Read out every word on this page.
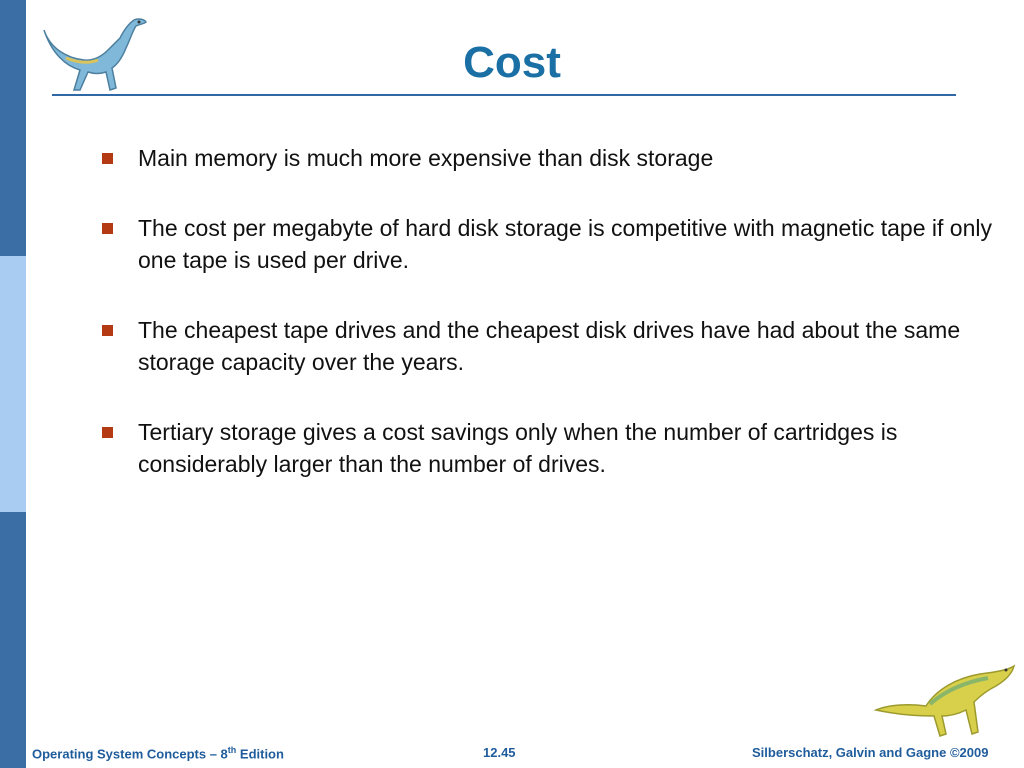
Cost
Main memory is much more expensive than disk storage
The cost per megabyte of hard disk storage is competitive with magnetic tape if only one tape is used per drive.
The cheapest tape drives and the cheapest disk drives have had about the same storage capacity over the years.
Tertiary storage gives a cost savings only when the number of cartridges is considerably larger than the number of drives.
Operating System Concepts – 8th Edition	12.45	Silberschatz, Galvin and Gagne ©2009
